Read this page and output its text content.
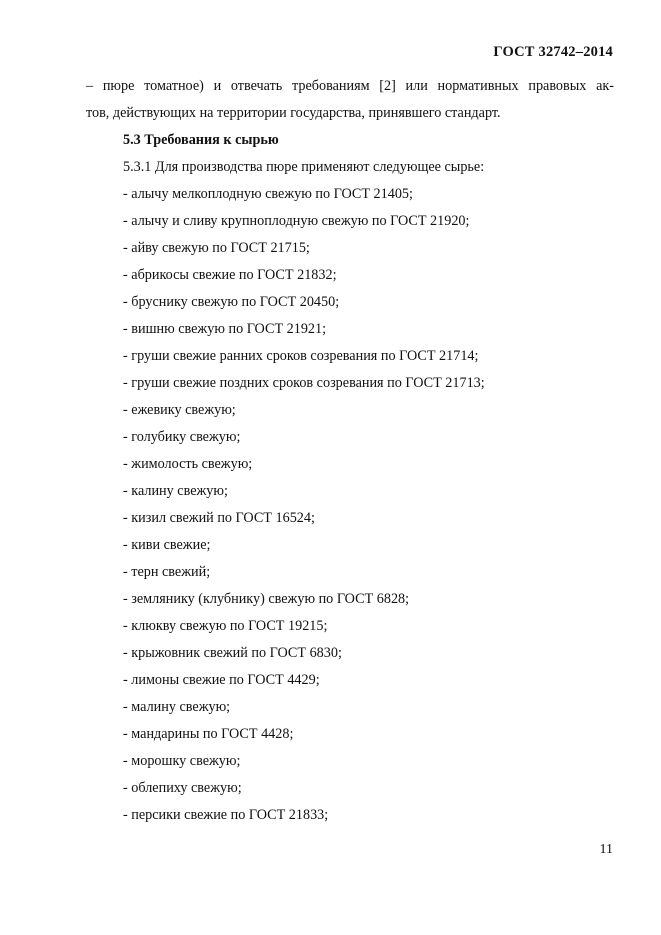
ГОСТ 32742–2014

– пюре томатное) и отвечать требованиям [2] или нормативных правовых ак-

тов, действующих на территории государства, принявшего стандарт.

5.3 Требования к сырью

5.3.1 Для производства пюре применяют следующее сырье:

- алычу мелкоплодную свежую по ГОСТ 21405;
- алычу и сливу крупноплодную свежую по ГОСТ 21920;
- айву свежую по ГОСТ 21715;
- абрикосы свежие по ГОСТ 21832;
- бруснику свежую по ГОСТ 20450;
- вишню свежую по ГОСТ 21921;
- груши свежие ранних сроков созревания по ГОСТ 21714;
- груши свежие поздних сроков созревания по ГОСТ 21713;
- ежевику свежую;
- голубику свежую;
- жимолость свежую;
- калину свежую;
- кизил свежий по ГОСТ 16524;
- киви свежие;
- терн свежий;
- землянику (клубнику) свежую по ГОСТ 6828;
- клюкву свежую по ГОСТ 19215;
- крыжовник свежий по ГОСТ 6830;
- лимоны свежие по ГОСТ 4429;
- малину свежую;
- мандарины по ГОСТ 4428;
- морошку свежую;
- облепиху свежую;
- персики свежие по ГОСТ 21833;
11
